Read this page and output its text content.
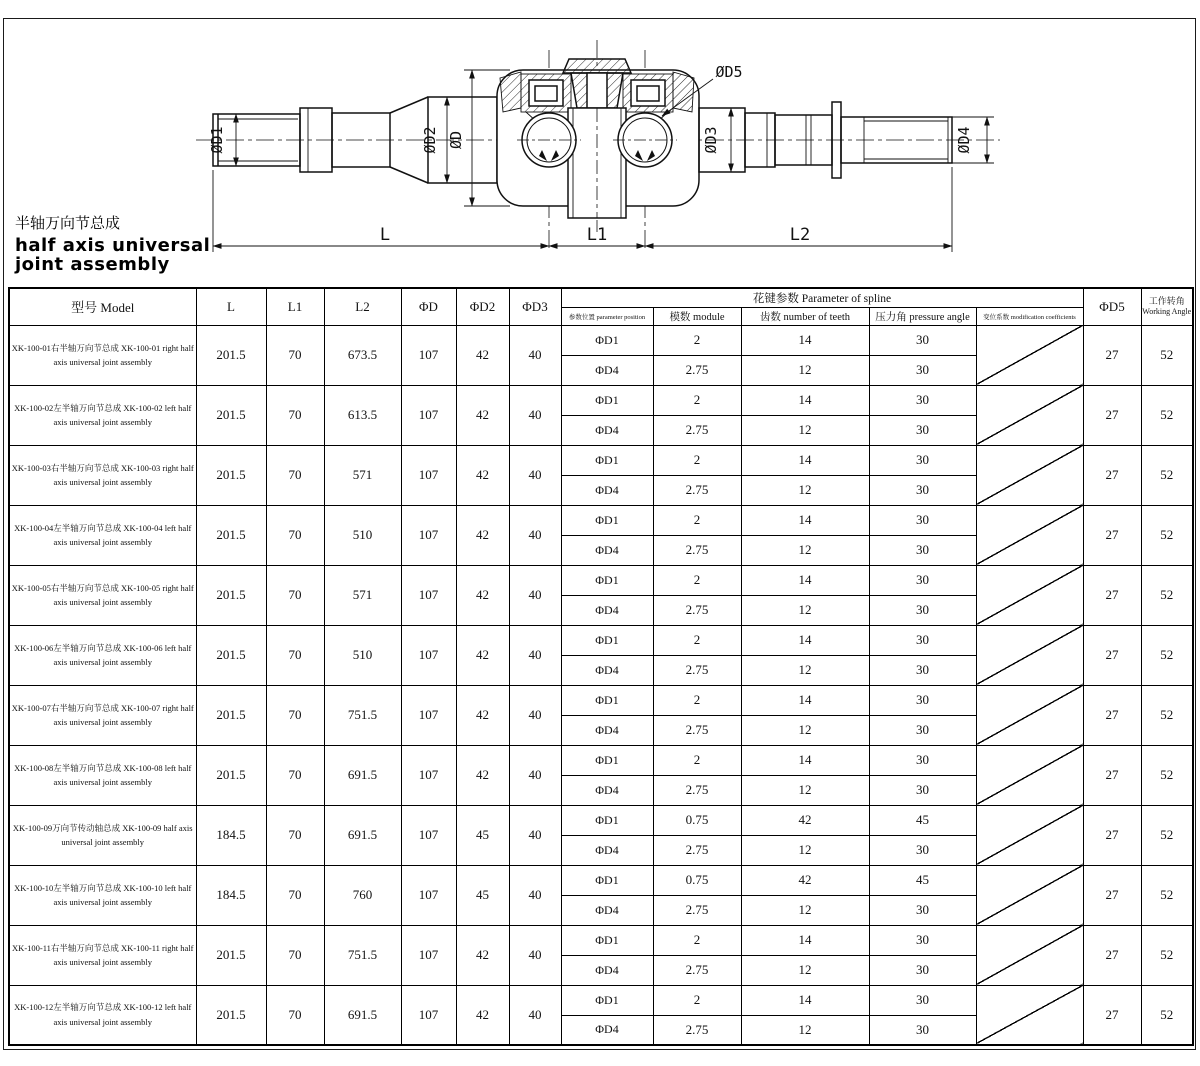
ØD1	ØD2 ØD
ØD5
ØD3	ØD4
L	L1	L2
半轴万向节总成
half axis universal
joint assembly
型号 Model	L	L1	L2	ΦD	ΦD2	ΦD3	花键参数 Parameter of spline					ΦD5	工作转角
Working Angle

							参数位置 parameter position	模数 module	齿数 number of teeth	压力角 pressure angle	变位系数 modification coefficients		
XK-100-01右半轴万向节总成 XK-100-01 right half axis universal joint assembly	201.5	70	673.5	107	42	40	ΦD1	2	14	30		27	52
							ΦD4	2.75	12	30			
XK-100-02左半轴万向节总成 XK-100-02 left half axis universal joint assembly	201.5	70	613.5	107	42	40	ΦD1	2	14	30		27	52
							ΦD4	2.75	12	30			
XK-100-03右半轴万向节总成 XK-100-03 right half axis universal joint assembly	201.5	70	571	107	42	40	ΦD1	2	14	30		27	52
							ΦD4	2.75	12	30			
XK-100-04左半轴万向节总成 XK-100-04 left half axis universal joint assembly	201.5	70	510	107	42	40	ΦD1	2	14	30		27	52
							ΦD4	2.75	12	30			
XK-100-05右半轴万向节总成 XK-100-05 right half axis universal joint assembly	201.5	70	571	107	42	40	ΦD1	2	14	30		27	52
							ΦD4	2.75	12	30			
XK-100-06左半轴万向节总成 XK-100-06 left half axis universal joint assembly	201.5	70	510	107	42	40	ΦD1	2	14	30		27	52
							ΦD4	2.75	12	30			
XK-100-07右半轴万向节总成 XK-100-07 right half axis universal joint assembly	201.5	70	751.5	107	42	40	ΦD1	2	14	30		27	52
							ΦD4	2.75	12	30			
XK-100-08左半轴万向节总成 XK-100-08 left half axis universal joint assembly	201.5	70	691.5	107	42	40	ΦD1	2	14	30		27	52
							ΦD4	2.75	12	30			
XK-100-09万向节传动轴总成 XK-100-09 half axis universal joint assembly	184.5	70	691.5	107	45	40	ΦD1	0.75	42	45		27	52
							ΦD4	2.75	12	30			
XK-100-10左半轴万向节总成 XK-100-10 left half axis universal joint assembly	184.5	70	760	107	45	40	ΦD1	0.75	42	45		27	52
							ΦD4	2.75	12	30			
XK-100-11右半轴万向节总成 XK-100-11 right half axis universal joint assembly	201.5	70	751.5	107	42	40	ΦD1	2	14	30		27	52
							ΦD4	2.75	12	30			
XK-100-12左半轴万向节总成 XK-100-12 left half axis universal joint assembly	201.5	70	691.5	107	42	40	ΦD1	2	14	30		27	52
							ΦD4	2.75	12	30			
